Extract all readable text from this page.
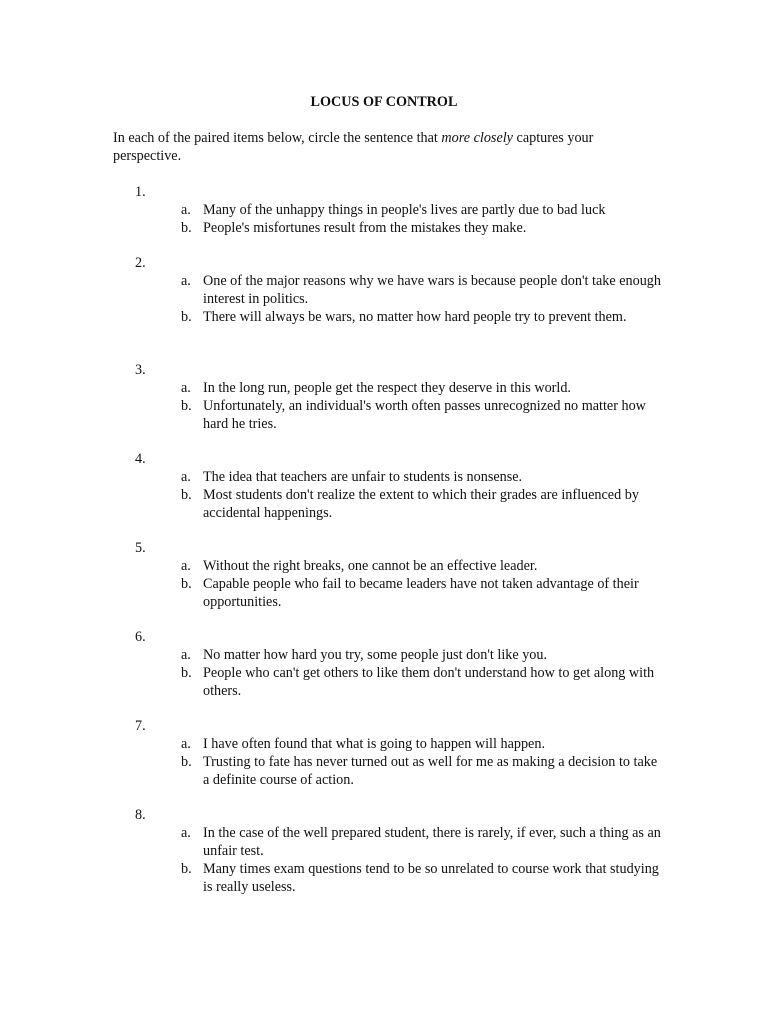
LOCUS OF CONTROL
In each of the paired items below, circle the sentence that more closely captures your perspective.
1.
a. Many of the unhappy things in people's lives are partly due to bad luck
b. People's misfortunes result from the mistakes they make.
2.
a. One of the major reasons why we have wars is because people don't take enough interest in politics.
b. There will always be wars, no matter how hard people try to prevent them.
3.
a. In the long run, people get the respect they deserve in this world.
b. Unfortunately, an individual's worth often passes unrecognized no matter how hard he tries.
4.
a. The idea that teachers are unfair to students is nonsense.
b. Most students don't realize the extent to which their grades are influenced by accidental happenings.
5.
a. Without the right breaks, one cannot be an effective leader.
b. Capable people who fail to became leaders have not taken advantage of their opportunities.
6.
a. No matter how hard you try, some people just don't like you.
b. People who can't get others to like them don't understand how to get along with others.
7.
a. I have often found that what is going to happen will happen.
b. Trusting to fate has never turned out as well for me as making a decision to take a definite course of action.
8.
a. In the case of the well prepared student, there is rarely, if ever, such a thing as an unfair test.
b. Many times exam questions tend to be so unrelated to course work that studying is really useless.
